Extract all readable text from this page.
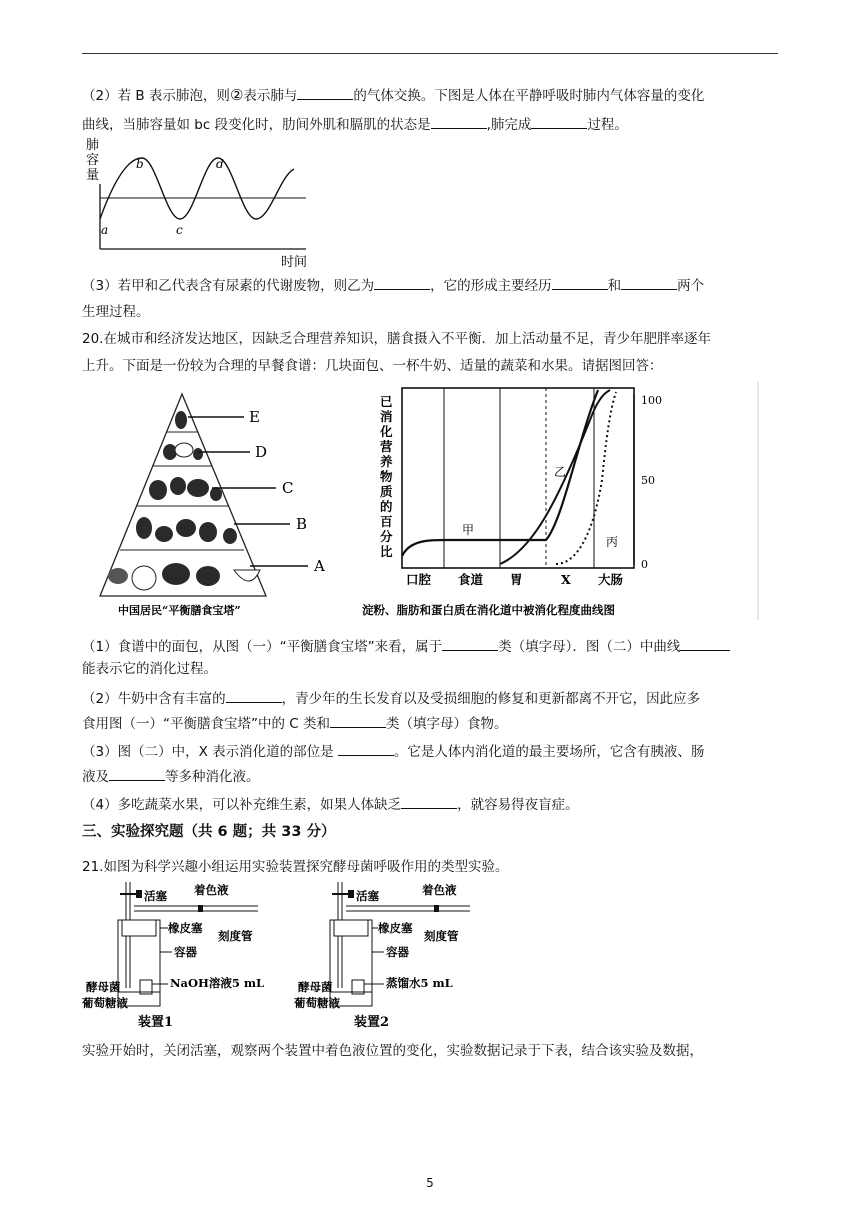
（2）若 B 表示肺泡，则②表示肺与	的气体交换。下图是人体在平静呼吸时肺内气体容量的变化
曲线，当肺容量如 bc 段变化时，肋间外肌和膈肌的状态是	,肺完成	过程。
肺
容
量
a
b
c
d
时间
（3）若甲和乙代表含有尿素的代谢废物，则乙为	，它的形成主要经历	和	两个
生理过程。
20.在城市和经济发达地区，因缺乏合理营养知识，膳食摄入不平衡．加上活动量不足，青少年肥胖率逐年
上升。下面是一份较为合理的早餐食谱：几块面包、一杯牛奶、适量的蔬菜和水果。请据图回答：
E
D
C
B
A
中国居民“平衡膳食宝塔”
已
消
化
营
养
物
质
的
百
分
比
100
50
0
甲
乙
丙
口腔 食道 胃	X 大肠
淀粉、脂肪和蛋白质在消化道中被消化程度曲线图
（1）食谱中的面包，从图（一）“平衡膳食宝塔”来看，属于	类（填字母）．图（二）中曲线
能表示它的消化过程。
（2）牛奶中含有丰富的	，青少年的生长发育以及受损细胞的修复和更新都离不开它，因此应多
食用图（一）“平衡膳食宝塔”中的 C 类和	类（填字母）食物。
（3）图（二）中，X 表示消化道的部位是	。它是人体内消化道的最主要场所，它含有胰液、肠
液及	等多种消化液。
（4）多吃蔬菜水果，可以补充维生素，如果人体缺乏	，就容易得夜盲症。
三、实验探究题（共 6 题；共 33 分）
21.如图为科学兴趣小组运用实验装置探究酵母菌呼吸作用的类型实验。
活塞 着色液
橡皮塞
刻度管
容器
NaOH溶液5 mL
酵母菌
葡萄糖液
装置1
活塞	着色液
橡皮塞
刻度管
容器
蒸馏水5 mL
酵母菌
葡萄糖液
装置2
实验开始时，关闭活塞，观察两个装置中着色液位置的变化，实验数据记录于下表，结合该实验及数据，
5
